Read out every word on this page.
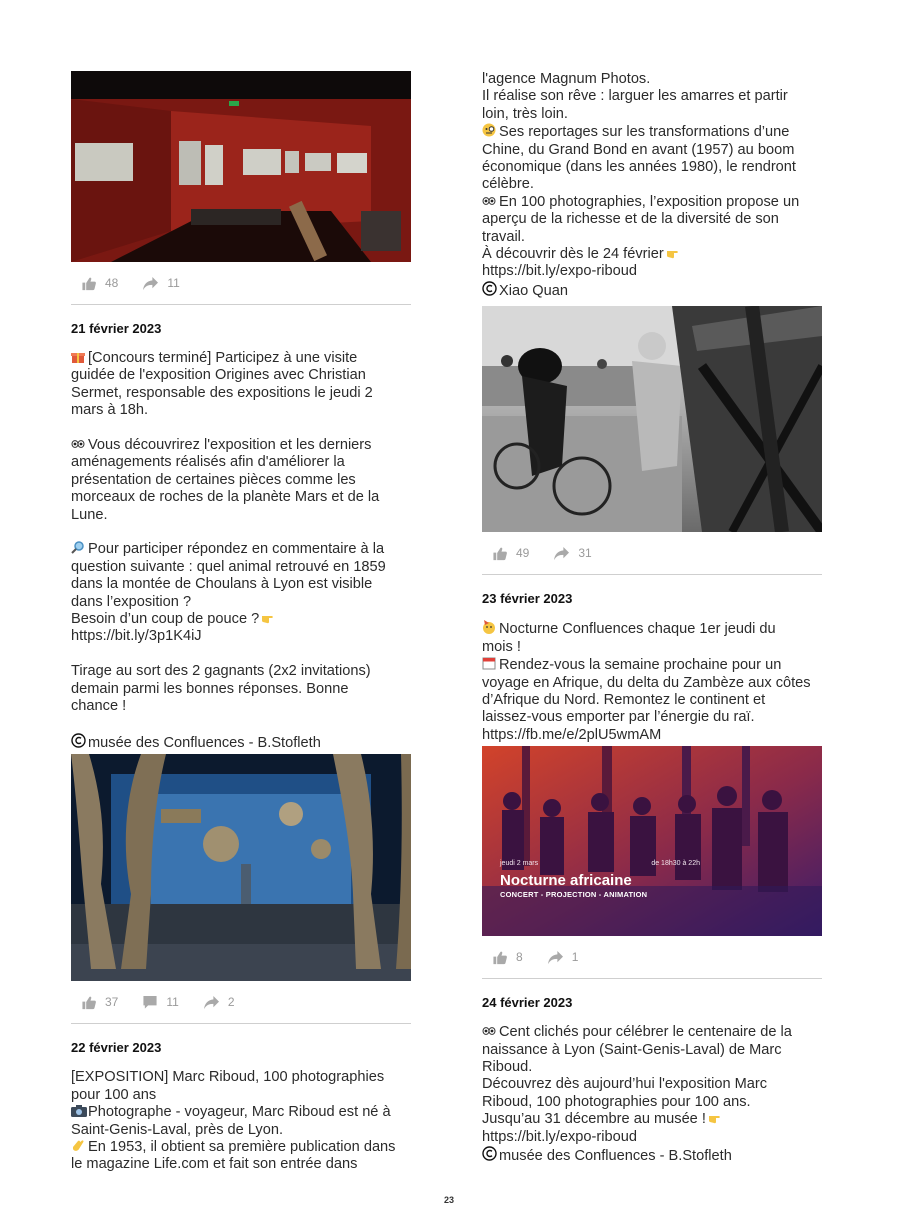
48	11
21 février 2023

[Concours terminé] Participez à une visite

guidée de l'exposition Origines avec Christian

Sermet, responsable des expositions le jeudi 2

mars à 18h.

Vous découvrirez l'exposition et les derniers

aménagements réalisés afin d'améliorer la

présentation de certaines pièces comme les

morceaux de roches de la planète Mars et de la

Lune.

Pour participer répondez en commentaire à la

question suivante : quel animal retrouvé en 1859

dans la montée de Choulans à Lyon est visible

dans l’exposition ?

Besoin d’un coup de pouce ?

https://bit.ly/3p1K4iJ

Tirage au sort des 2 gagnants (2x2 invitations)

demain parmi les bonnes réponses. Bonne

chance !

musée des Confluences - B.Stofleth

37	11	2
22 février 2023

[EXPOSITION] Marc Riboud, 100 photographies

pour 100 ans

Photographe - voyageur, Marc Riboud est né à

Saint-Genis-Laval, près de Lyon.

En 1953, il obtient sa première publication dans

le magazine Life.com et fait son entrée dans

l'agence Magnum Photos.

Il réalise son rêve : larguer les amarres et partir

loin, très loin.

Ses reportages sur les transformations d’une

Chine, du Grand Bond en avant (1957) au boom

économique (dans les années 1980), le rendront

célèbre.

En 100 photographies, l’exposition propose un

aperçu de la richesse et de la diversité de son

travail.

À découvrir dès le 24 février

https://bit.ly/expo-riboud

Xiao Quan

49	31
23 février 2023

Nocturne Confluences chaque 1er jeudi du

mois !

Rendez-vous la semaine prochaine pour un

voyage en Afrique, du delta du Zambèze aux côtes

d’Afrique du Nord. Remontez le continent et

laissez-vous emporter par l’énergie du raï.

https://fb.me/e/2plU5wmAM

jeudi 2 mars	de 18h30 à 22h
Nocturne africaine
CONCERT - PROJECTION - ANIMATION
8	1
24 février 2023

Cent clichés pour célébrer le centenaire de la

naissance à Lyon (Saint-Genis-Laval) de Marc

Riboud.

Découvrez dès aujourd’hui l'exposition Marc

Riboud, 100 photographies pour 100 ans.

Jusqu’au 31 décembre au musée !

https://bit.ly/expo-riboud

musée des Confluences - B.Stofleth

23
